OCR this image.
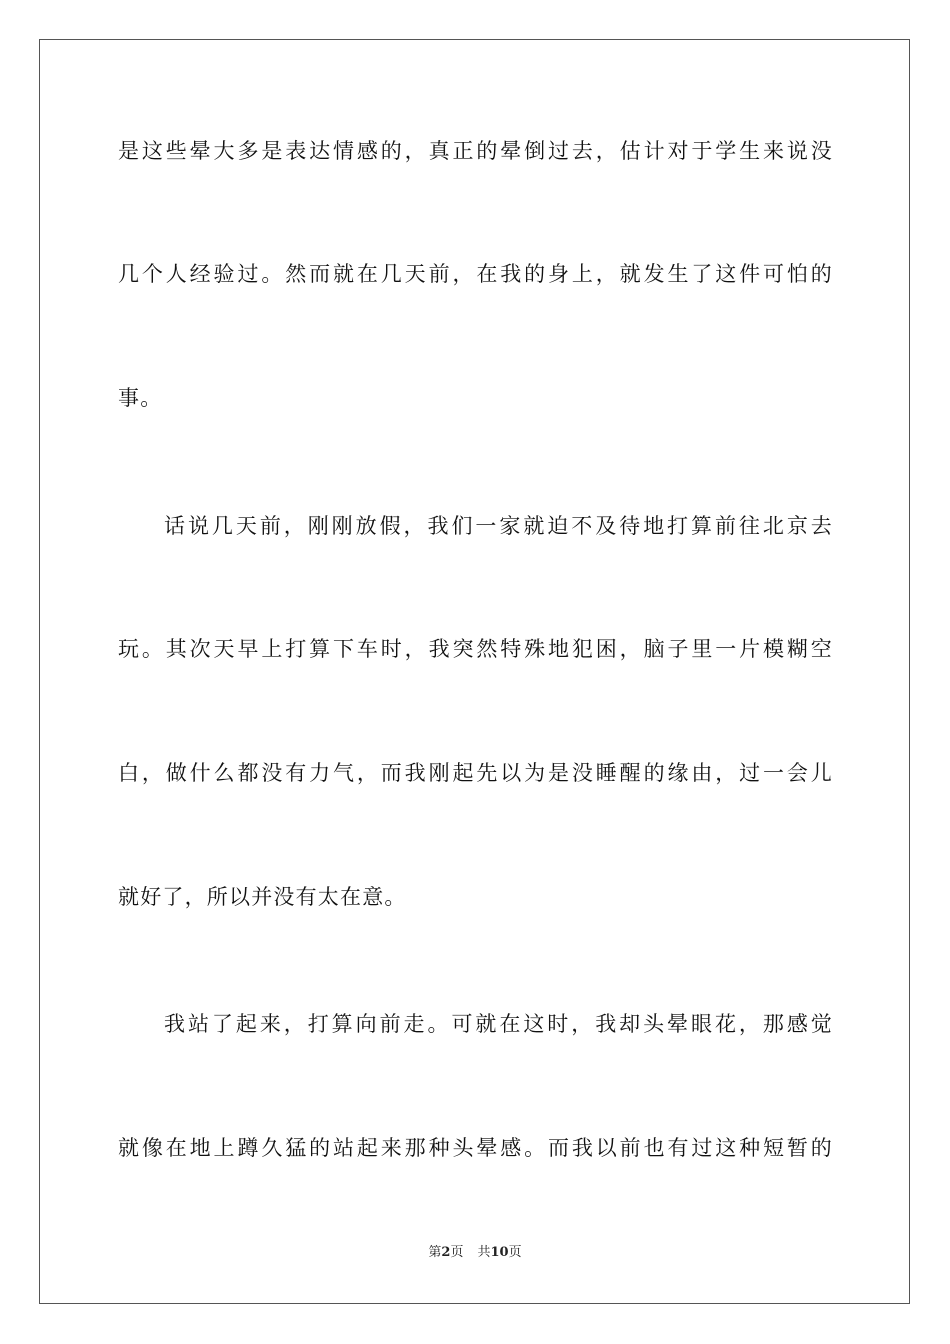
是这些晕大多是表达情感的，真正的晕倒过去，估计对于学生来说没
几个人经验过。然而就在几天前，在我的身上，就发生了这件可怕的
事。
话说几天前，刚刚放假，我们一家就迫不及待地打算前往北京去
玩。其次天早上打算下车时，我突然特殊地犯困，脑子里一片模糊空
白，做什么都没有力气，而我刚起先以为是没睡醒的缘由，过一会儿
就好了，所以并没有太在意。
我站了起来，打算向前走。可就在这时，我却头晕眼花，那感觉
就像在地上蹲久猛的站起来那种头晕感。而我以前也有过这种短暂的
第2页 共10页
